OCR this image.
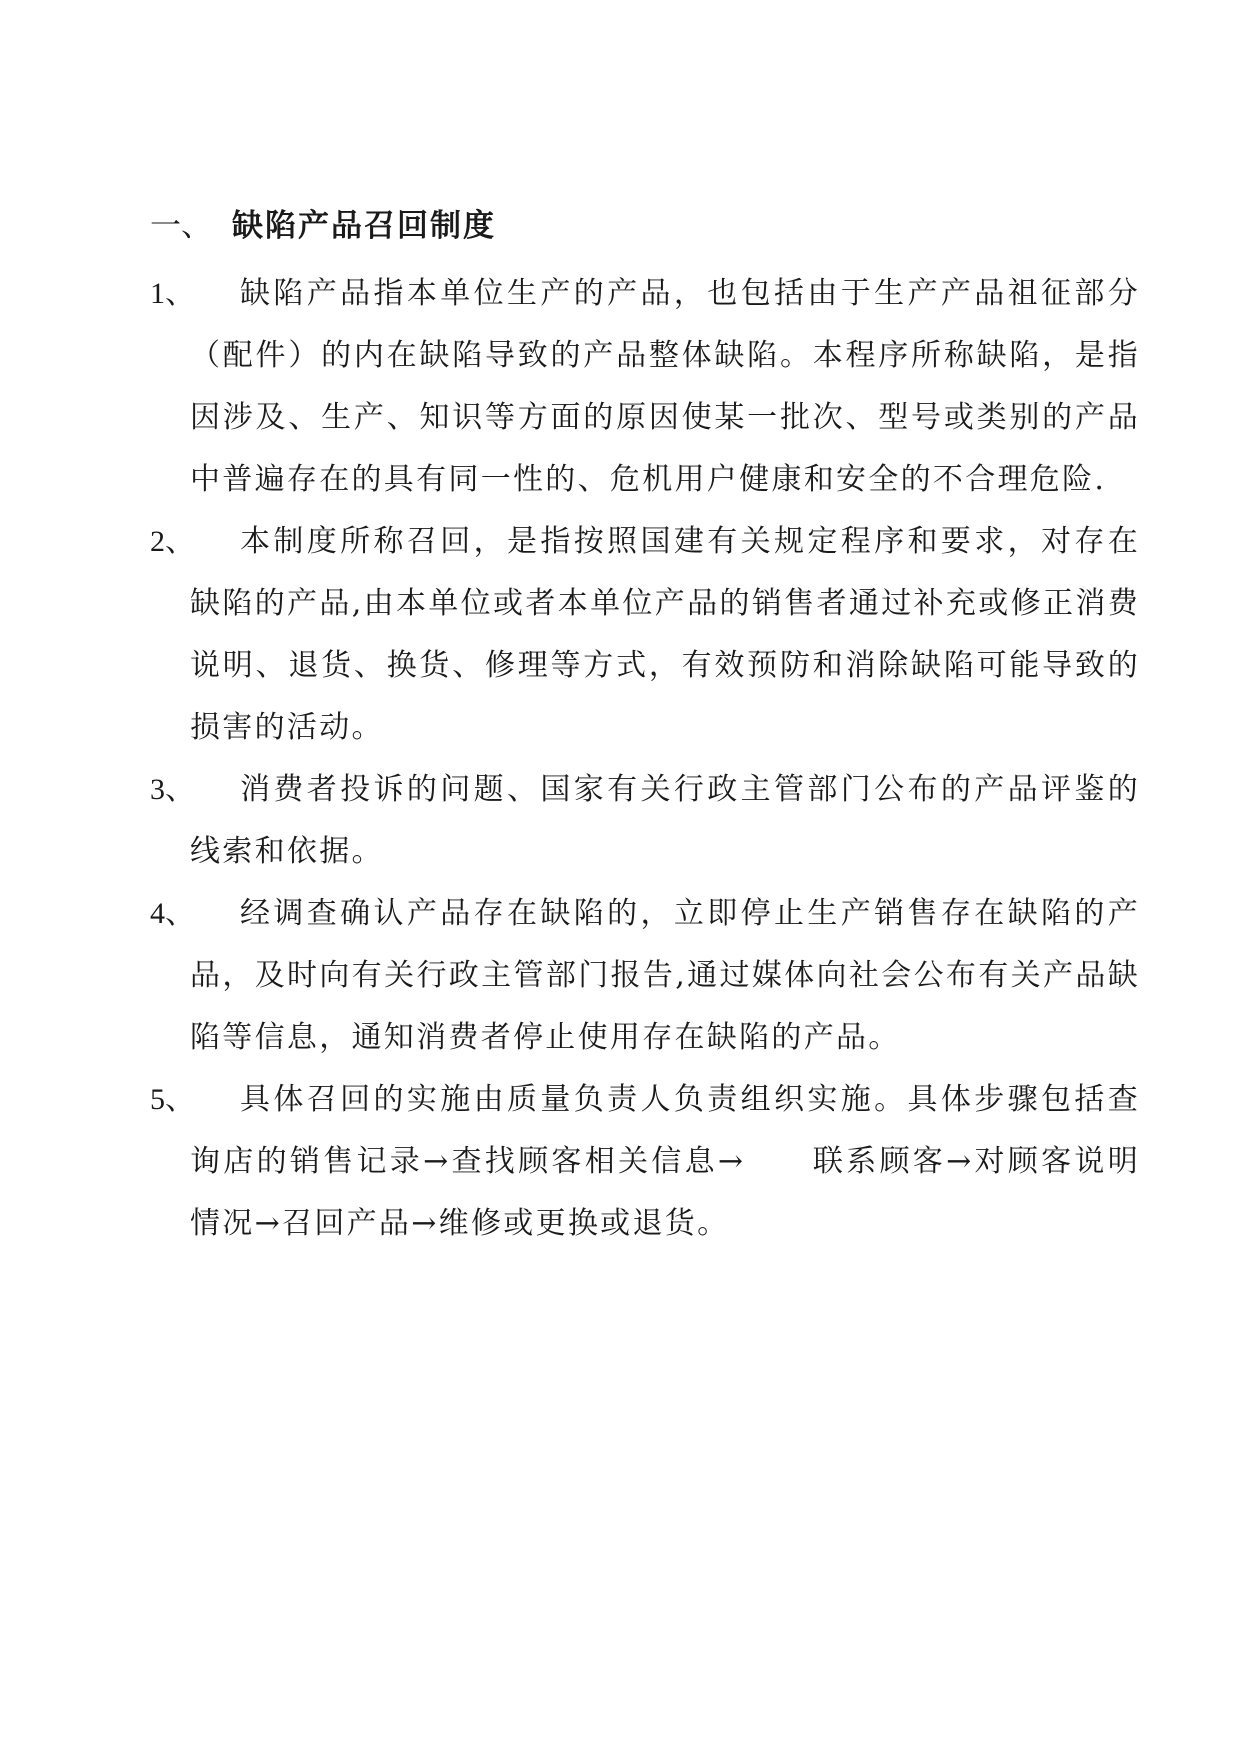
一、 缺陷产品召回制度
1、	缺陷产品指本单位生产的产品，也包括由于生产产品祖征部分（配件）的内在缺陷导致的产品整体缺陷。本程序所称缺陷，是指因涉及、生产、知识等方面的原因使某一批次、型号或类别的产品中普遍存在的具有同一性的、危机用户健康和安全的不合理危险.
2、	本制度所称召回，是指按照国建有关规定程序和要求，对存在缺陷的产品,由本单位或者本单位产品的销售者通过补充或修正消费说明、退货、换货、修理等方式，有效预防和消除缺陷可能导致的损害的活动。
3、	消费者投诉的问题、国家有关行政主管部门公布的产品评鉴的线索和依据。
4、	经调查确认产品存在缺陷的，立即停止生产销售存在缺陷的产品，及时向有关行政主管部门报告,通过媒体向社会公布有关产品缺陷等信息，通知消费者停止使用存在缺陷的产品。
5、	具体召回的实施由质量负责人负责组织实施。具体步骤包括查询店的销售记录→查找顾客相关信息→　　联系顾客→对顾客说明情况→召回产品→维修或更换或退货。
